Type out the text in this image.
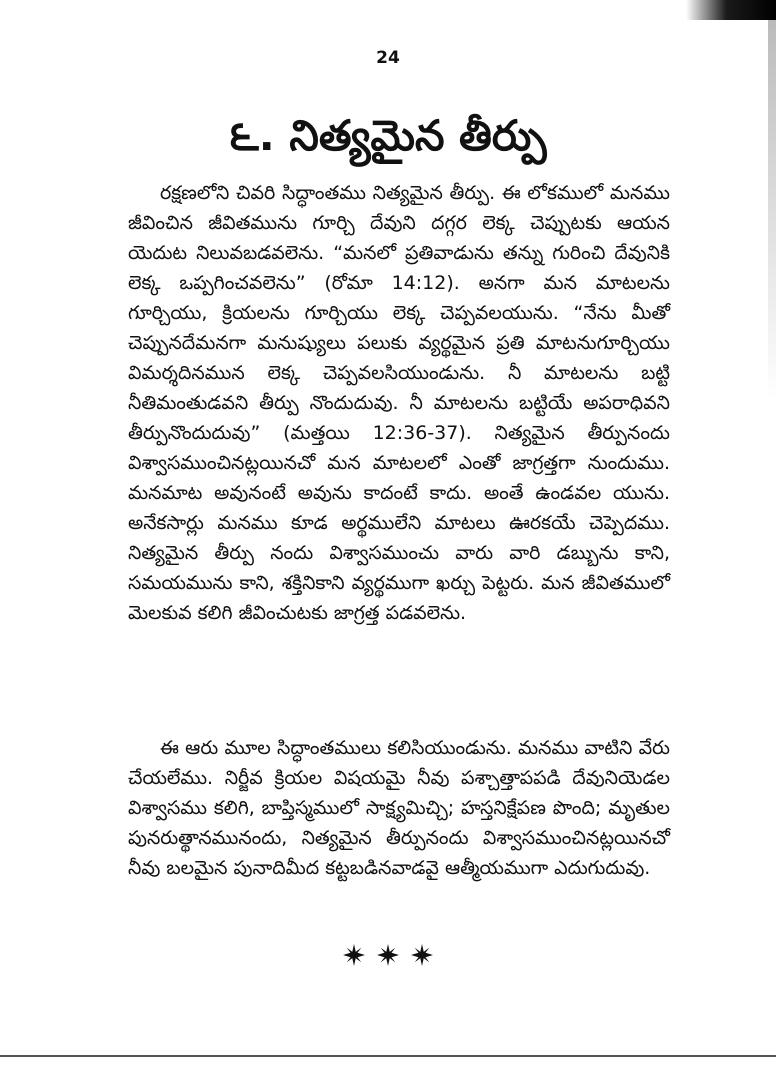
24
౬. నిత్యమైన తీర్పు

రక్షణలోని చివరి సిద్ధాంతము నిత్యమైన తీర్పు. ఈ లోకములో మనము జీవించిన జీవితమును గూర్చి దేవుని దగ్గర లెక్క చెప్పుటకు ఆయన యెదుట నిలువబడవలెను. “మనలో ప్రతివాడును తన్ను గురించి దేవునికి లెక్క ఒప్పగించవలెను” (రోమా 14:12). అనగా మన మాటలను గూర్చియు, క్రియలను గూర్చియు లెక్క చెప్పవలయును. “నేను మీతో చెప్పునదేమనగా మనుష్యులు పలుకు వ్యర్థమైన ప్రతి మాటనుగూర్చియు విమర్శదినమున లెక్క చెప్పవలసియుండును. నీ మాటలను బట్టి నీతిమంతుడవని తీర్పు నొందుదువు. నీ మాటలను బట్టియే అపరాధివని తీర్పునొందుదువు” (మత్తయి 12:36-37). నిత్యమైన తీర్పునందు విశ్వాసముంచినట్లయినచో మన మాటలలో ఎంతో జాగ్రత్తగా నుందుము. మనమాట అవునంటే అవును కాదంటే కాదు. అంతే ఉండవల యును. అనేకసార్లు మనము కూడ అర్థములేని మాటలు ఊరకయే చెప్పెదము. నిత్యమైన తీర్పు నందు విశ్వాసముంచు వారు వారి డబ్బును కాని, సమయమును కాని, శక్తినికాని వ్యర్థముగా ఖర్చు పెట్టరు. మన జీవితములో మెలకువ కలిగి జీవించుటకు జాగ్రత్త పడవలెను.

ఈ ఆరు మూల సిద్ధాంతములు కలిసియుండును. మనము వాటిని వేరు చేయలేము. నిర్జీవ క్రియల విషయమై నీవు పశ్చాత్తాపపడి దేవునియెడల విశ్వాసము కలిగి, బాప్తిస్మములో సాక్ష్యమిచ్చి; హస్తనిక్షేపణ పొంది; మృతుల పునరుత్థానమునందు, నిత్యమైన తీర్పునందు విశ్వాసముంచినట్లయినచో నీవు బలమైన పునాదిమీద కట్టబడినవాడవై ఆత్మీయముగా ఎదుగుదువు.
